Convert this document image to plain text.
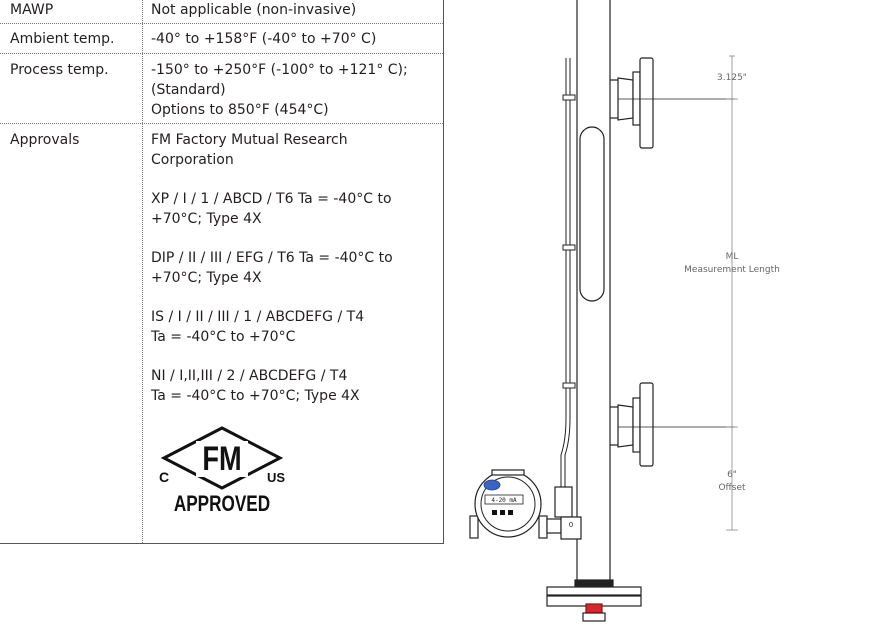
MAWP	Not applicable (non-invasive)

Ambient temp.	-40° to +158°F (-40° to +70° C)

Process temp.	-150° to +250°F (-100° to +121° C);

(Standard)

Options to 850°F (454°C)

Approvals	FM Factory Mutual Research

Corporation

XP / I / 1 / ABCD / T6 Ta = -40°C to

+70°C; Type 4X

DIP / II / III / EFG / T6 Ta = -40°C to

+70°C; Type 4X

IS / I / II / III / 1 / ABCDEFG / T4

Ta = -40°C to +70°C

NI / I,II,III / 2 / ABCDEFG / T4

Ta = -40°C to +70°C; Type 4X

FM
C	US
APPROVED	4-20 mA
0
3.125"
ML
Measurement Length
6"
Offset
